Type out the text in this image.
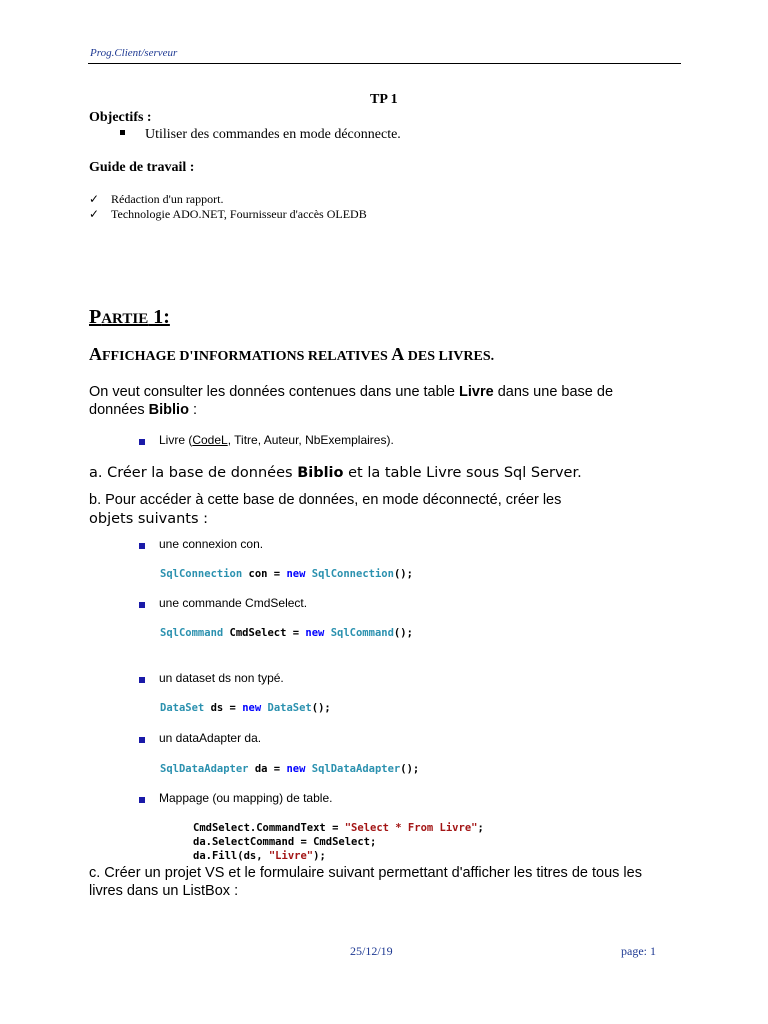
Prog.Client/serveur
TP 1
Objectifs :
Utiliser des commandes en mode déconnecte.
Guide de travail :
✓ Rédaction d'un rapport.
✓ Technologie ADO.NET, Fournisseur d'accès OLEDB
PARTIE 1:
AFFICHAGE D'INFORMATIONS RELATIVES A DES LIVRES.
On veut consulter les données contenues dans une table Livre dans une base de données Biblio :
Livre (CodeL, Titre, Auteur, NbExemplaires).
a. Créer la base de données Biblio et la table Livre sous Sql Server.
b. Pour accéder à cette base de données, en mode déconnecté, créer les
objets suivants :
une connexion con.
SqlConnection con = new SqlConnection();
une commande CmdSelect.
SqlCommand CmdSelect = new SqlCommand();
un dataset ds non typé.
DataSet ds = new DataSet();
un dataAdapter da.
SqlDataAdapter da = new SqlDataAdapter();
Mappage (ou mapping) de table.
CmdSelect.CommandText = "Select * From Livre";
da.SelectCommand = CmdSelect;
da.Fill(ds, "Livre");
c. Créer un projet VS et le formulaire suivant permettant d'afficher les titres de tous les livres dans un ListBox :
25/12/19	page: 1
